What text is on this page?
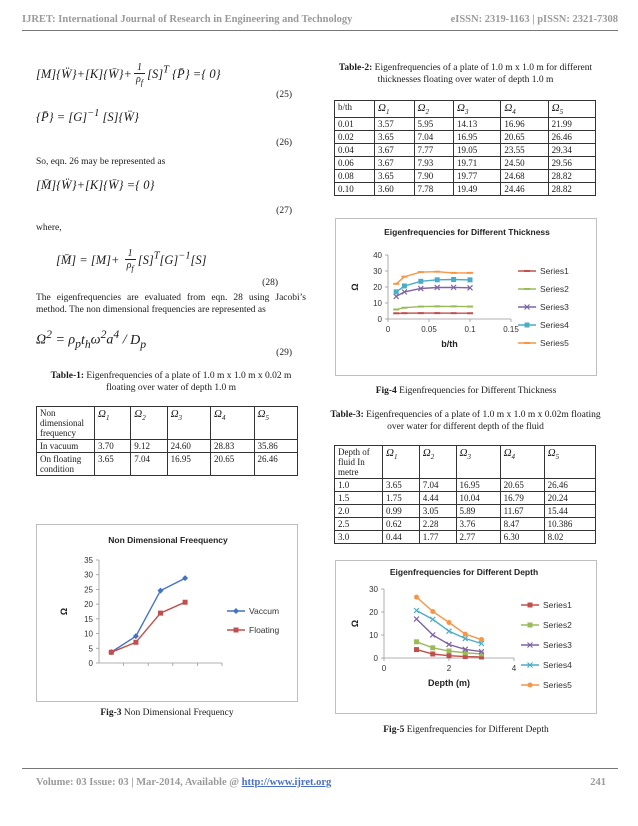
IJRET: International Journal of Research in Engineering and Technology	eISSN: 2319-1163 | pISSN: 2321-7308
[M]{Ẅ}+[K]{W̄}+ $\frac{1}{\rho_f} [S]^T$ {P̄} ={ 0}
(25)
{P̄} = $[G]^{-1}$ [S]{Ẅ}
(26)
So, eqn. 26 may be represented as
[M̄]{Ẅ}+[K]{W̄} ={ 0}
(27)
where,
[M̄] = $[M]+ \frac{1}{\rho_f} [S]^T[G]^{-1}[S]$
(28)
The eigenfrequencies are evaluated from eqn. 28 using Jacobi’s method. The non dimensional frequencies are represented as
$\Omega^2 = \rho_pt_h\omega^2a^4 / D_p$
(29)
Table-1: Eigenfrequencies of a plate of 1.0 m x 1.0 m x 0.02 m floating over water of depth 1.0 m
Non dimensional frequency	$\Omega_1$	$\Omega_2$	$\Omega_3$	$\Omega_4$	$\Omega_5$
In vacuum	3.70	9.12	24.60	28.83	35.86
On floating condition	3.65	7.04	16.95	20.65	26.46
Non Dimensional Freequency
0
5
10
15
20
25
30
35
Ω	Vaccum
Floating
Fig-3 Non Dimensional Frequency
Table-2: Eigenfrequencies of a plate of 1.0 m x 1.0 m for different thicknesses floating over water of depth 1.0 m
b/th	$\Omega_1$	$\Omega_2$	$\Omega_3$	$\Omega_4$	$\Omega_5$
0.01	3.57	5.95	14.13	16.96	21.99
0.02	3.65	7.04	16.95	20.65	26.46
0.04	3.67	7.77	19.05	23.55	29.34
0.06	3.67	7.93	19.71	24.50	29.56
0.08	3.65	7.90	19.77	24.68	28.82
0.10	3.60	7.78	19.49	24.46	28.82
Eigenfrequencies for Different Thickness
0
10
20
30
40
0	0.05	0.1	0.15
Ω
b/th
Series1
Series2
Series3
Series4
Series5
Fig-4 Eigenfrequencies for Different Thickness
Table-3: Eigenfrequencies of a plate of 1.0 m x 1.0 m x 0.02m floating over water for different depth of the fluid
Depth of fluid In metre	$\Omega_1$	$\Omega_2$	$\Omega_3$	$\Omega_4$	$\Omega_5$
1.0	3.65	7.04	16.95	20.65	26.46
1.5	1.75	4.44	10.04	16.79	20.24
2.0	0.99	3.05	5.89	11.67	15.44
2.5	0.62	2.28	3.76	8.47	10.386
3.0	0.44	1.77	2.77	6.30	8.02
Eigenfrequencies for Different Depth
0
10
20
30
0	2	4
Ω
Depth (m)
Series1
Series2
Series3
Series4
Series5
Fig-5 Eigenfrequencies for Different Depth
Volume: 03 Issue: 03 | Mar-2014, Available @ http://www.ijret.org	241
